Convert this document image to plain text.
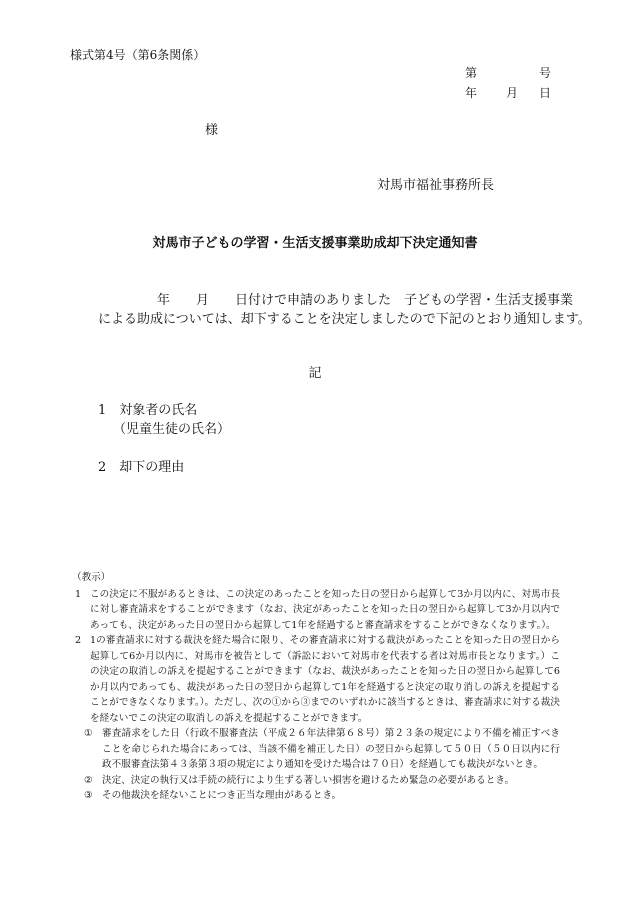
様式第4号（第6条関係）
第	号
年 月 日
様
対馬市福祉事務所長
対馬市子どもの学習・生活支援事業助成却下決定通知書
年　　月　　日付けで申請のありました　子どもの学習・生活支援事業
による助成については、却下することを決定しましたので下記のとおり通知します。
記
1　対象者の氏名
（児童生徒の氏名）
2　却下の理由
（教示）
1 この決定に不服があるときは、この決定のあったことを知った日の翌日から起算して3か月以内に、対馬市長に対し審査請求をすることができます（なお、決定があったことを知った日の翌日から起算して3か月以内であっても、決定があった日の翌日から起算して1年を経過すると審査請求をすることができなくなります。）。
2 1の審査請求に対する裁決を経た場合に限り、その審査請求に対する裁決があったことを知った日の翌日から起算して6か月以内に、対馬市を被告として（訴訟において対馬市を代表する者は対馬市長となります。）この決定の取消しの訴えを提起することができます（なお、裁決があったことを知った日の翌日から起算して6か月以内であっても、裁決があった日の翌日から起算して1年を経過すると決定の取り消しの訴えを提起することができなくなります。）。ただし、次の①から③までのいずれかに該当するときは、審査請求に対する裁決を経ないでこの決定の取消しの訴えを提起することができます。
① 審査請求をした日（行政不服審査法（平成２６年法律第６８号）第２３条の規定により不備を補正すべきことを命じられた場合にあっては、当該不備を補正した日）の翌日から起算して５０日（５０日以内に行政不服審査法第４３条第３項の規定により通知を受けた場合は７０日）を経過しても裁決がないとき。
② 決定、決定の執行又は手続の続行により生ずる著しい損害を避けるため緊急の必要があるとき。
③ その他裁決を経ないことにつき正当な理由があるとき。
